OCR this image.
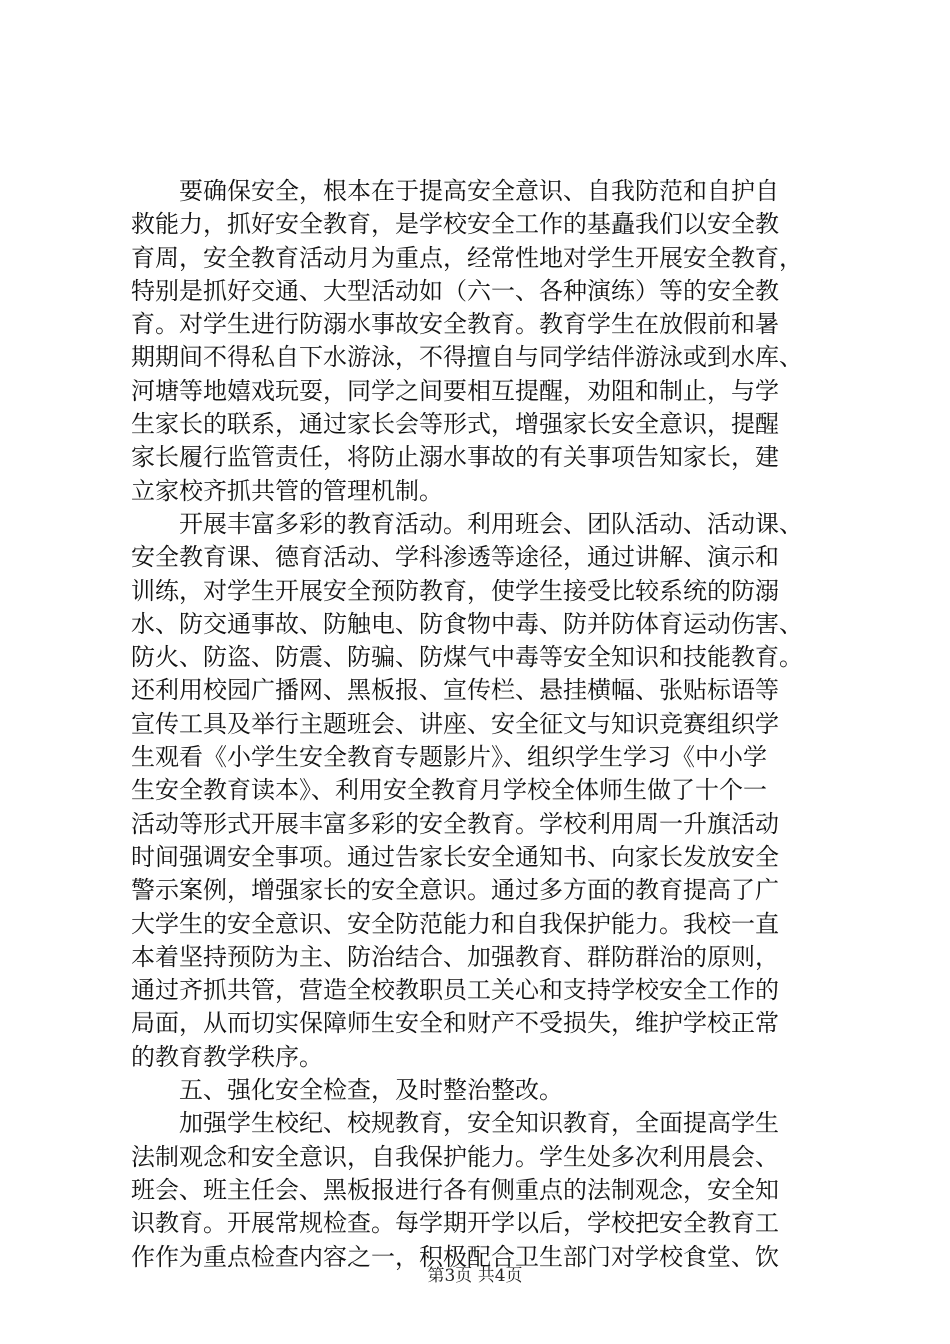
要确保安全，根本在于提高安全意识、自我防范和自护自
救能力，抓好安全教育，是学校安全工作的基矗我们以安全教
育周，安全教育活动月为重点，经常性地对学生开展安全教育，
特别是抓好交通、大型活动如（六一、各种演练）等的安全教
育。对学生进行防溺水事故安全教育。教育学生在放假前和暑
期期间不得私自下水游泳，不得擅自与同学结伴游泳或到水库、
河塘等地嬉戏玩耍，同学之间要相互提醒，劝阻和制止，与学
生家长的联系，通过家长会等形式，增强家长安全意识，提醒
家长履行监管责任，将防止溺水事故的有关事项告知家长，建
立家校齐抓共管的管理机制。
开展丰富多彩的教育活动。利用班会、团队活动、活动课、
安全教育课、德育活动、学科渗透等途径，通过讲解、演示和
训练，对学生开展安全预防教育，使学生接受比较系统的防溺
水、防交通事故、防触电、防食物中毒、防并防体育运动伤害、
防火、防盗、防震、防骗、防煤气中毒等安全知识和技能教育。
还利用校园广播网、黑板报、宣传栏、悬挂横幅、张贴标语等
宣传工具及举行主题班会、讲座、安全征文与知识竞赛组织学
生观看《小学生安全教育专题影片》、组织学生学习《中小学
生安全教育读本》、利用安全教育月学校全体师生做了十个一
活动等形式开展丰富多彩的安全教育。学校利用周一升旗活动
时间强调安全事项。通过告家长安全通知书、向家长发放安全
警示案例，增强家长的安全意识。通过多方面的教育提高了广
大学生的安全意识、安全防范能力和自我保护能力。我校一直
本着坚持预防为主、防治结合、加强教育、群防群治的原则，
通过齐抓共管，营造全校教职员工关心和支持学校安全工作的
局面，从而切实保障师生安全和财产不受损失，维护学校正常
的教育教学秩序。
五、强化安全检查，及时整治整改。
加强学生校纪、校规教育，安全知识教育，全面提高学生
法制观念和安全意识，自我保护能力。学生处多次利用晨会、
班会、班主任会、黑板报进行各有侧重点的法制观念，安全知
识教育。开展常规检查。每学期开学以后，学校把安全教育工
作作为重点检查内容之一，积极配合卫生部门对学校食堂、饮
第3页 共4页
